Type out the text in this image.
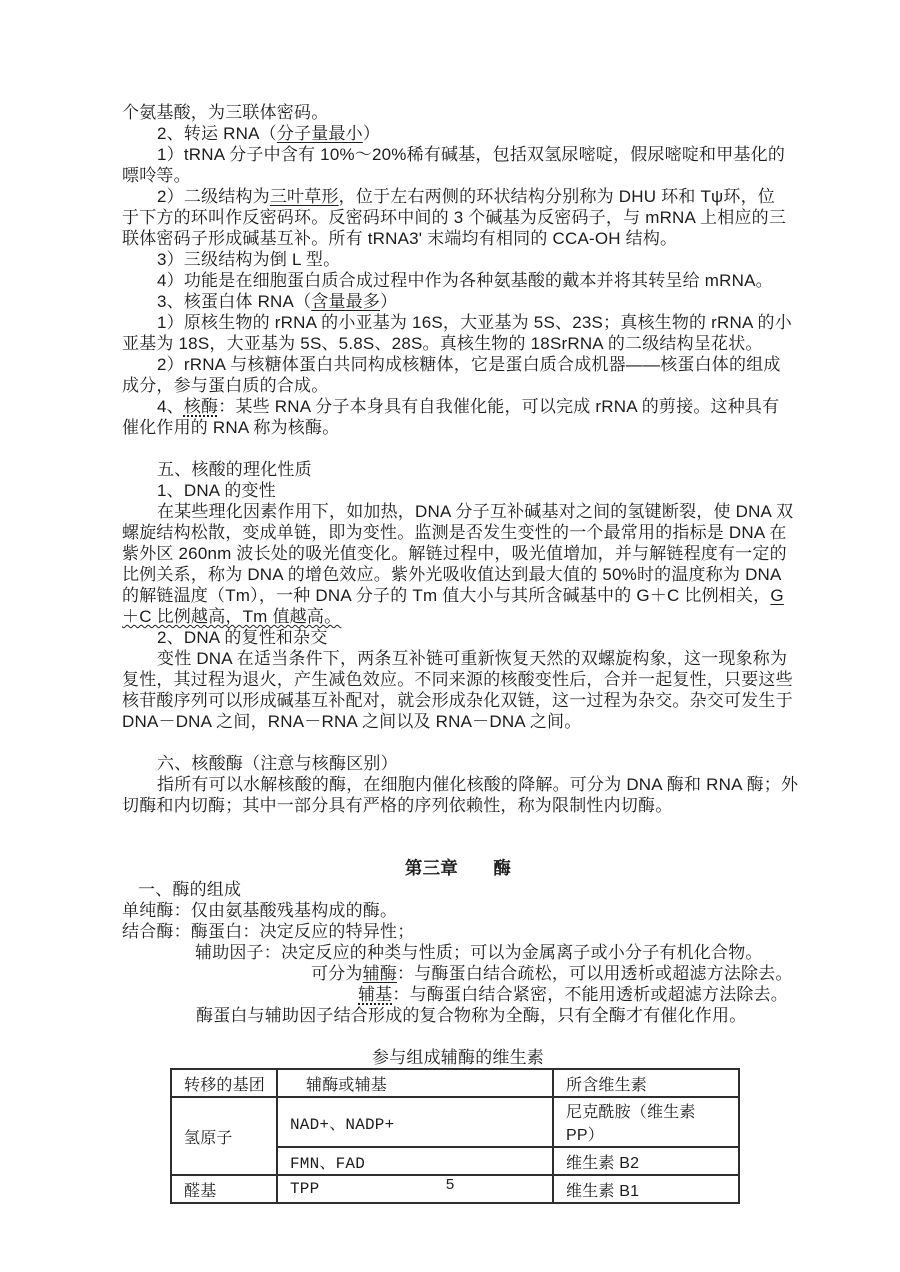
个氨基酸，为三联体密码。
2、转运 RNA（分子量最小）
1）tRNA 分子中含有 10%～20%稀有碱基，包括双氢尿嘧啶，假尿嘧啶和甲基化的
嘌呤等。
2）二级结构为三叶草形，位于左右两侧的环状结构分别称为 DHU 环和 Tψ环，位
于下方的环叫作反密码环。反密码环中间的 3 个碱基为反密码子，与 mRNA 上相应的三
联体密码子形成碱基互补。所有 tRNA3' 末端均有相同的 CCA-OH 结构。
3）三级结构为倒 L 型。
4）功能是在细胞蛋白质合成过程中作为各种氨基酸的戴本并将其转呈给 mRNA。
3、核蛋白体 RNA（含量最多）
1）原核生物的 rRNA 的小亚基为 16S，大亚基为 5S、23S；真核生物的 rRNA 的小
亚基为 18S，大亚基为 5S、5.8S、28S。真核生物的 18SrRNA 的二级结构呈花状。
2）rRNA 与核糖体蛋白共同构成核糖体，它是蛋白质合成机器――核蛋白体的组成
成分，参与蛋白质的合成。
4、核酶：某些 RNA 分子本身具有自我催化能，可以完成 rRNA 的剪接。这种具有
催化作用的 RNA 称为核酶。

五、核酸的理化性质
1、DNA 的变性
在某些理化因素作用下，如加热，DNA 分子互补碱基对之间的氢键断裂，使 DNA 双
螺旋结构松散，变成单链，即为变性。监测是否发生变性的一个最常用的指标是 DNA 在
紫外区 260nm 波长处的吸光值变化。解链过程中，吸光值增加，并与解链程度有一定的
比例关系，称为 DNA 的增色效应。紫外光吸收值达到最大值的 50%时的温度称为 DNA
的解链温度（Tm），一种 DNA 分子的 Tm 值大小与其所含碱基中的 G＋C 比例相关，G
＋C 比例越高，Tm 值越高。
2、DNA 的复性和杂交
变性 DNA 在适当条件下，两条互补链可重新恢复天然的双螺旋构象，这一现象称为
复性，其过程为退火，产生减色效应。不同来源的核酸变性后，合并一起复性，只要这些
核苷酸序列可以形成碱基互补配对，就会形成杂化双链，这一过程为杂交。杂交可发生于
DNA－DNA 之间，RNA－RNA 之间以及 RNA－DNA 之间。

六、核酸酶（注意与核酶区别）
指所有可以水解核酸的酶，在细胞内催化核酸的降解。可分为 DNA 酶和 RNA 酶；外
切酶和内切酶；其中一部分具有严格的序列依赖性，称为限制性内切酶。

第三章　　酶
一、酶的组成
单纯酶：仅由氨基酸残基构成的酶。
结合酶：酶蛋白：决定反应的特异性；
辅助因子：决定反应的种类与性质；可以为金属离子或小分子有机化合物。
可分为辅酶：与酶蛋白结合疏松，可以用透析或超滤方法除去。
辅基：与酶蛋白结合紧密，不能用透析或超滤方法除去。
酶蛋白与辅助因子结合形成的复合物称为全酶，只有全酶才有催化作用。

参与组成辅酶的维生素
转移的基团	辅酶或辅基	所含维生素
氢原子	NAD+、NADP+	尼克酰胺（维生素 PP）
	FMN、FAD	维生素 B2
醛基	TPP	维生素 B1
5
